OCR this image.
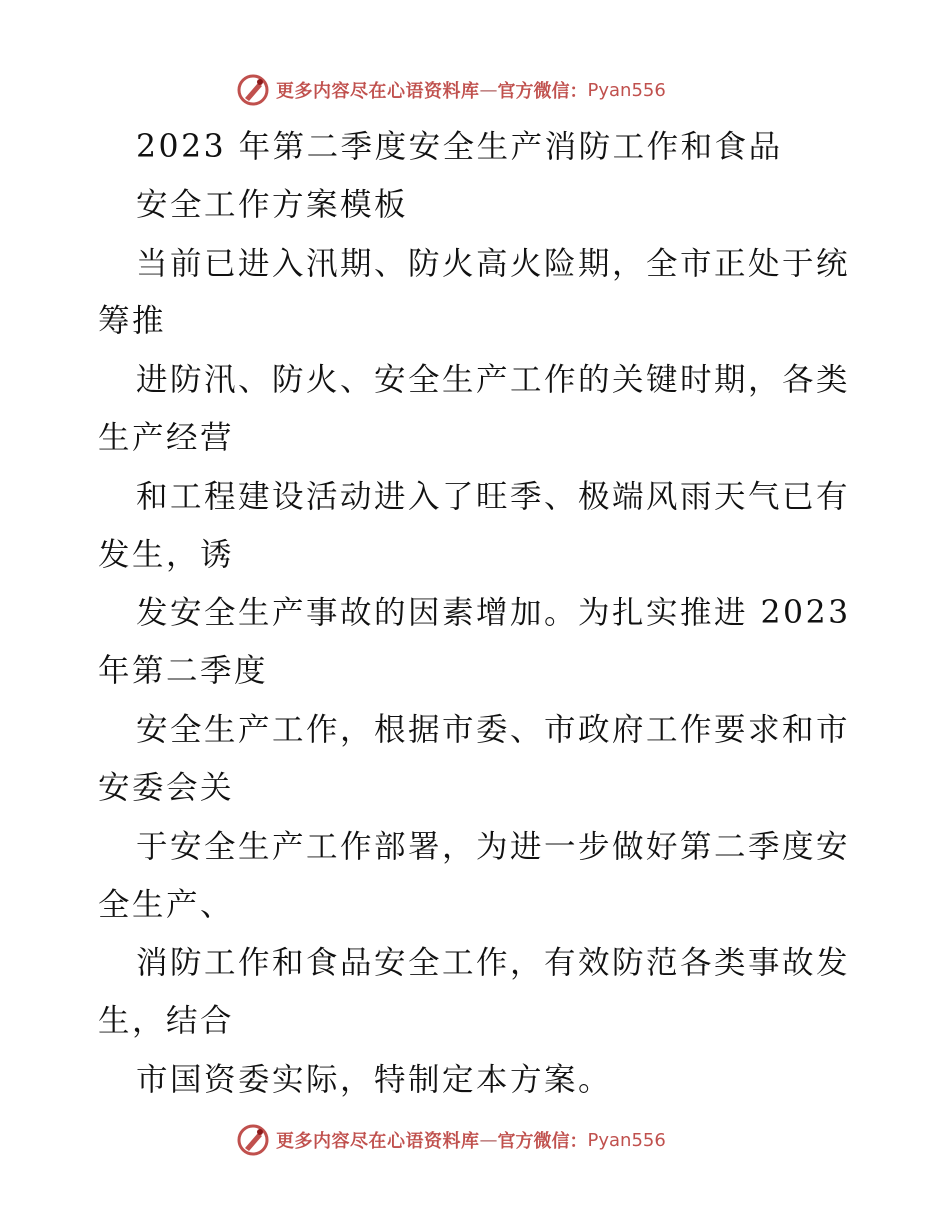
更多内容尽在心语资料库 — 官方微信： Pyan556
2023 年第二季度安全生产消防工作和食品
安全工作方案模板
当前已进入汛期、防火高火险期，全市正处于统
筹推
进防汛、防火、安全生产工作的关键时期，各类
生产经营
和工程建设活动进入了旺季、极端风雨天气已有
发生，诱
发安全生产事故的因素增加。为扎实推进 2023
年第二季度
安全生产工作，根据市委、市政府工作要求和市
安委会关
于安全生产工作部署，为进一步做好第二季度安
全生产、
消防工作和食品安全工作，有效防范各类事故发
生，结合
市国资委实际，特制定本方案。
更多内容尽在心语资料库 — 官方微信： Pyan556
